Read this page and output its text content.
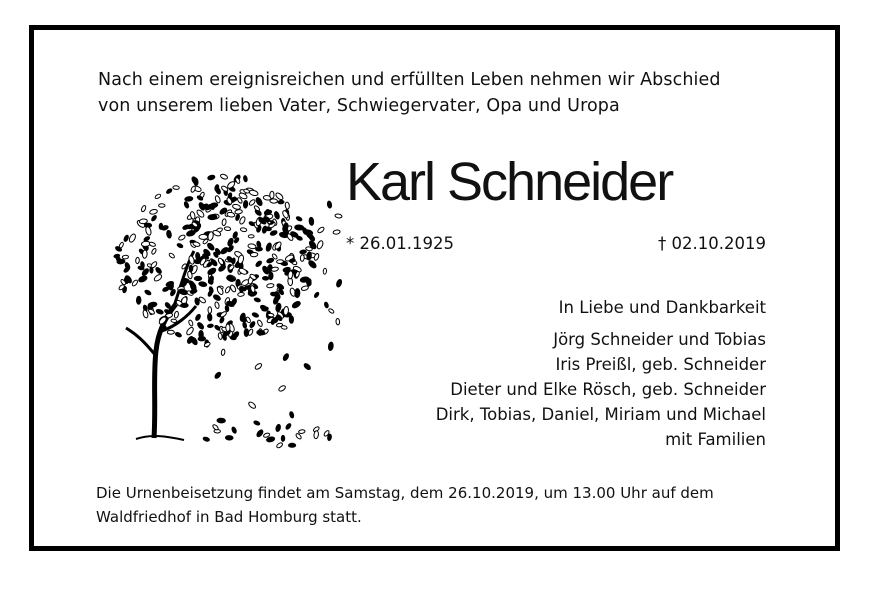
Nach einem ereignisreichen und erfüllten Leben nehmen wir Abschied
von unserem lieben Vater, Schwiegervater, Opa und Uropa
Karl Schneider
* 26.01.1925	† 02.10.2019
In Liebe und Dankbarkeit
Jörg Schneider und Tobias
Iris Preißl, geb. Schneider
Dieter und Elke Rösch, geb. Schneider
Dirk, Tobias, Daniel, Miriam und Michael
mit Familien
Die Urnenbeisetzung findet am Samstag, dem 26.10.2019, um 13.00 Uhr auf dem
Waldfriedhof in Bad Homburg statt.
